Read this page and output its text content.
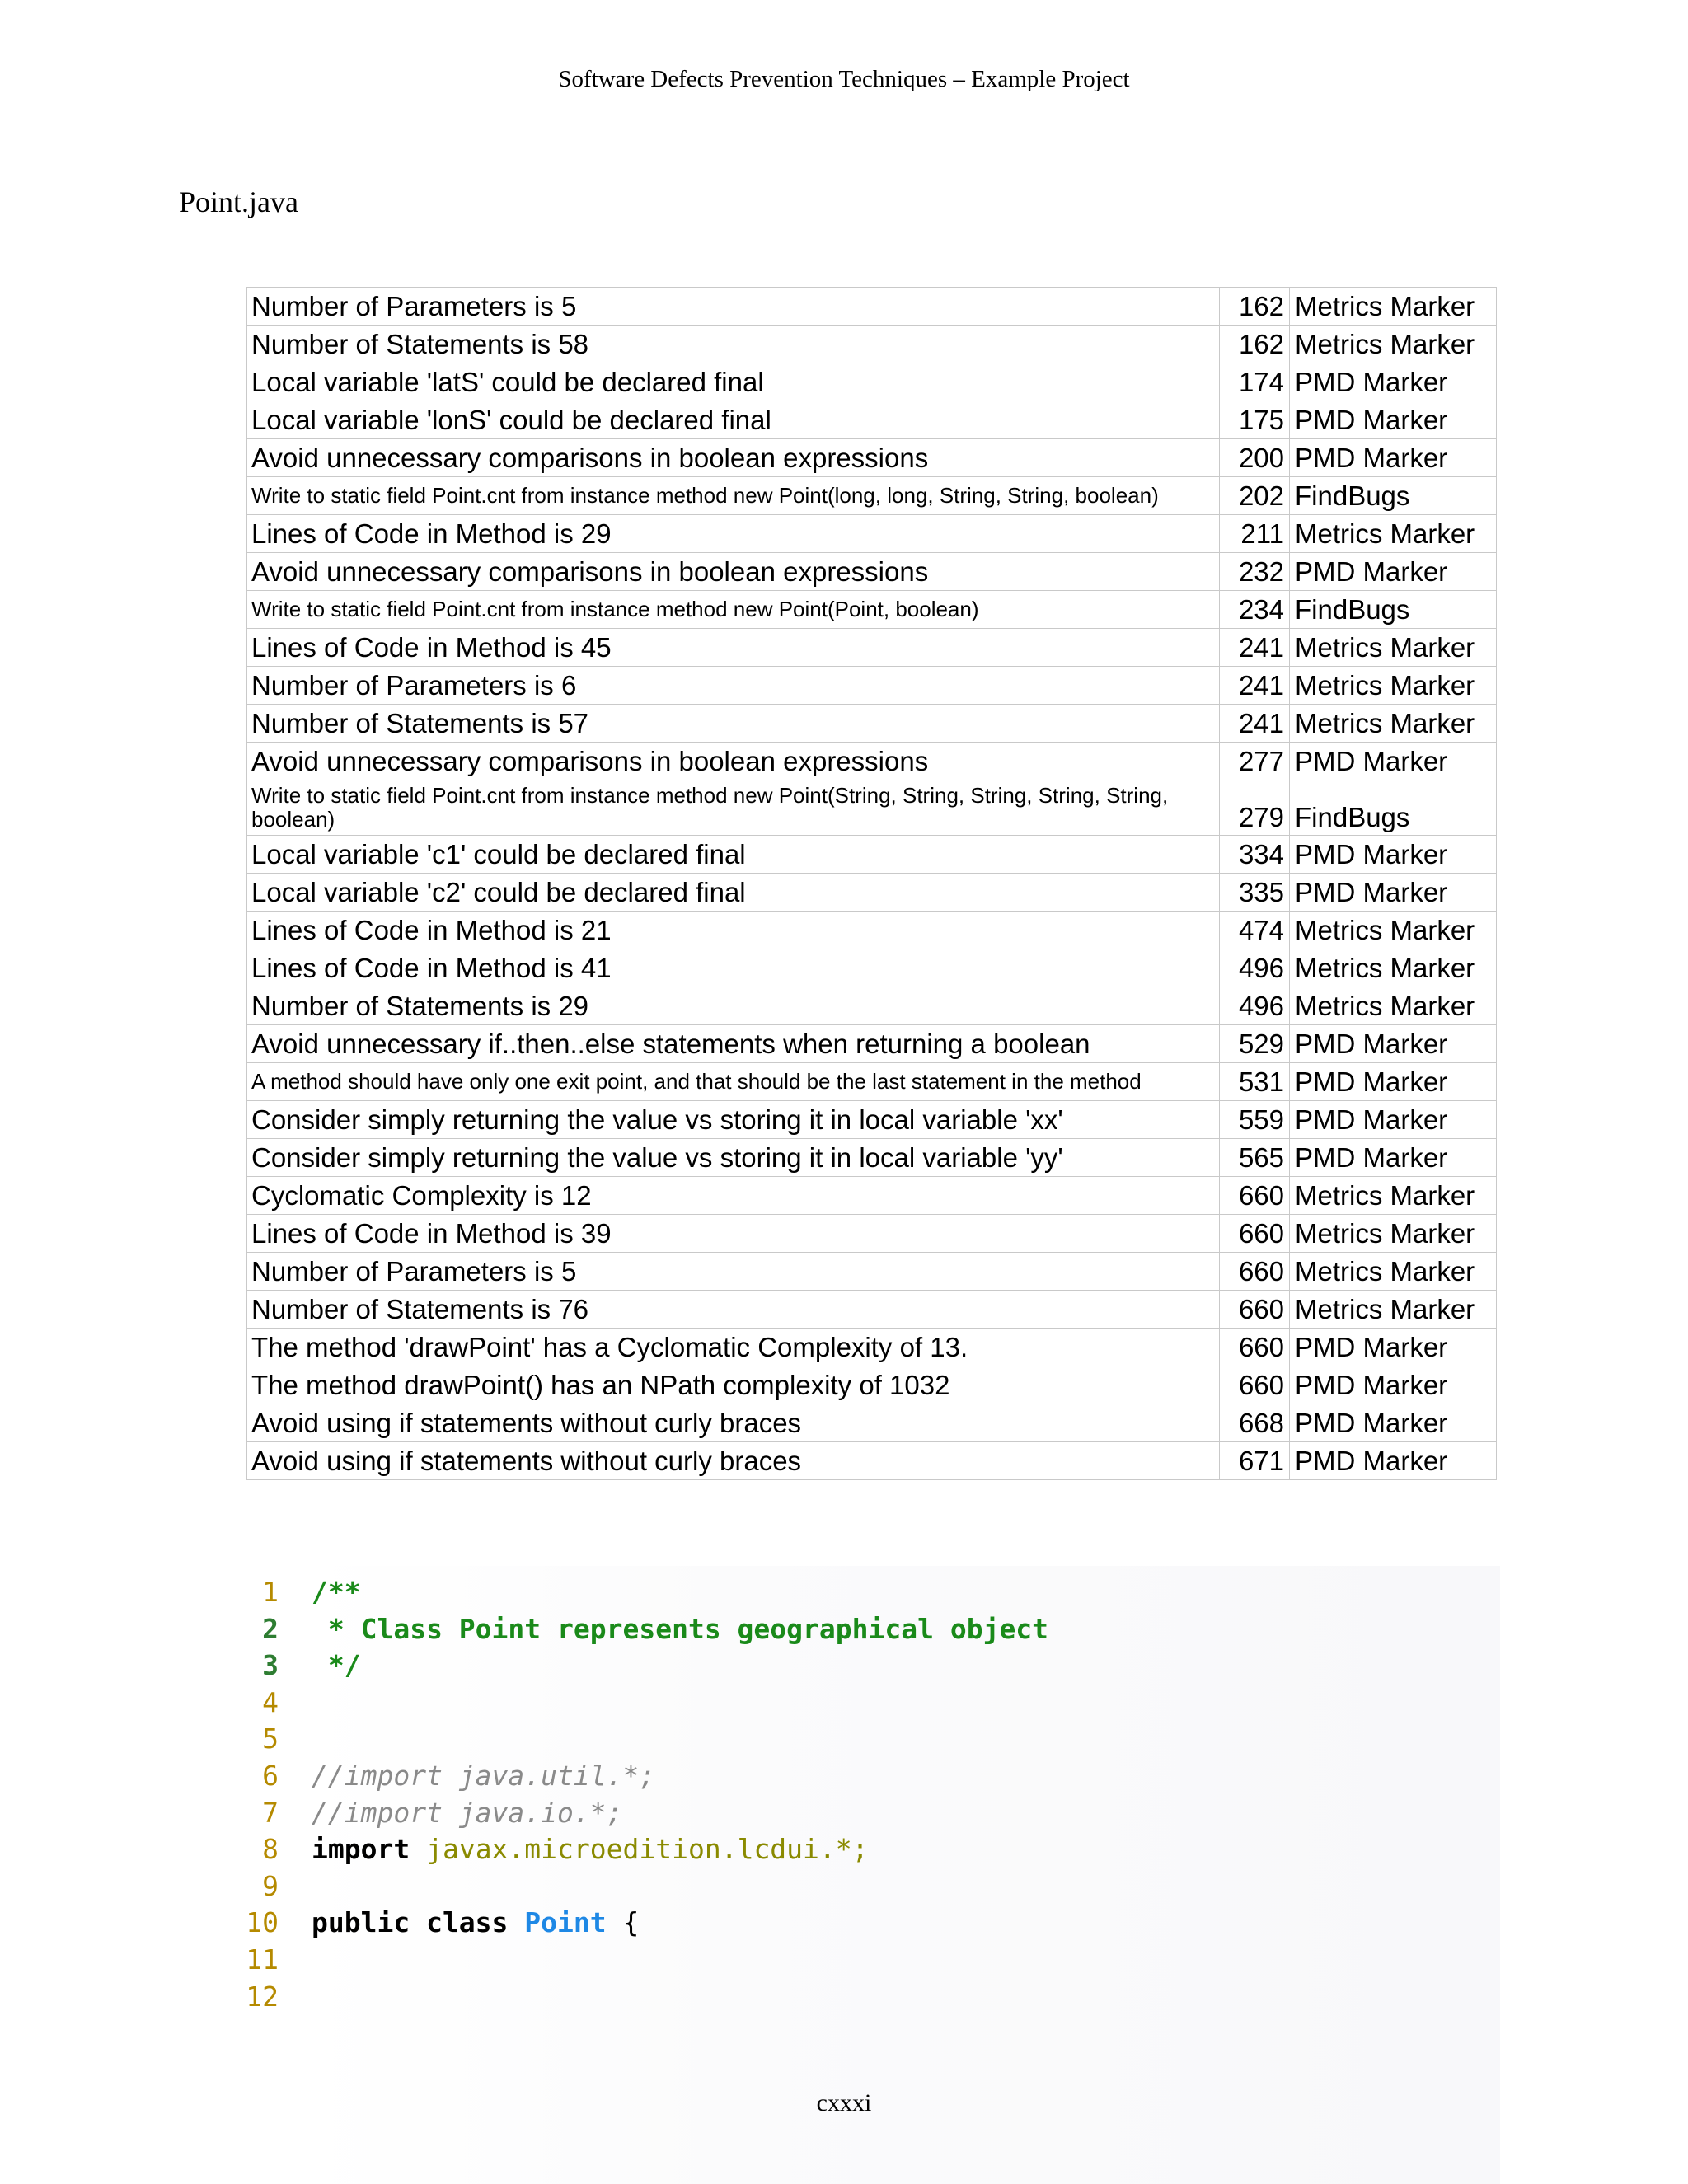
Software Defects Prevention Techniques – Example Project
Point.java
Number of Parameters is 5	162	Metrics Marker
Number of Statements is 58	162	Metrics Marker
Local variable 'latS' could be declared final	174	PMD Marker
Local variable 'lonS' could be declared final	175	PMD Marker
Avoid unnecessary comparisons in boolean expressions	200	PMD Marker
Write to static field Point.cnt from instance method new Point(long, long, String, String, boolean)	202	FindBugs
Lines of Code in Method is 29	211	Metrics Marker
Avoid unnecessary comparisons in boolean expressions	232	PMD Marker
Write to static field Point.cnt from instance method new Point(Point, boolean)	234	FindBugs
Lines of Code in Method is 45	241	Metrics Marker
Number of Parameters is 6	241	Metrics Marker
Number of Statements is 57	241	Metrics Marker
Avoid unnecessary comparisons in boolean expressions	277	PMD Marker
Write to static field Point.cnt from instance method new Point(String, String, String, String, String, boolean)	279	FindBugs
Local variable 'c1' could be declared final	334	PMD Marker
Local variable 'c2' could be declared final	335	PMD Marker
Lines of Code in Method is 21	474	Metrics Marker
Lines of Code in Method is 41	496	Metrics Marker
Number of Statements is 29	496	Metrics Marker
Avoid unnecessary if..then..else statements when returning a boolean	529	PMD Marker
A method should have only one exit point, and that should be the last statement in the method	531	PMD Marker
Consider simply returning the value vs storing it in local variable 'xx'	559	PMD Marker
Consider simply returning the value vs storing it in local variable 'yy'	565	PMD Marker
Cyclomatic Complexity is 12	660	Metrics Marker
Lines of Code in Method is 39	660	Metrics Marker
Number of Parameters is 5	660	Metrics Marker
Number of Statements is 76	660	Metrics Marker
The method 'drawPoint' has a Cyclomatic Complexity of 13.	660	PMD Marker
The method drawPoint() has an NPath complexity of 1032	660	PMD Marker
Avoid using if statements without curly braces	668	PMD Marker
Avoid using if statements without curly braces	671	PMD Marker
1 /**
2 * Class Point represents geographical object
3 */
4
5
6 //import java.util.*;
7 //import java.io.*;
8 import javax.microedition.lcdui.*;
9
10 public class Point {
11
12
cxxxi
